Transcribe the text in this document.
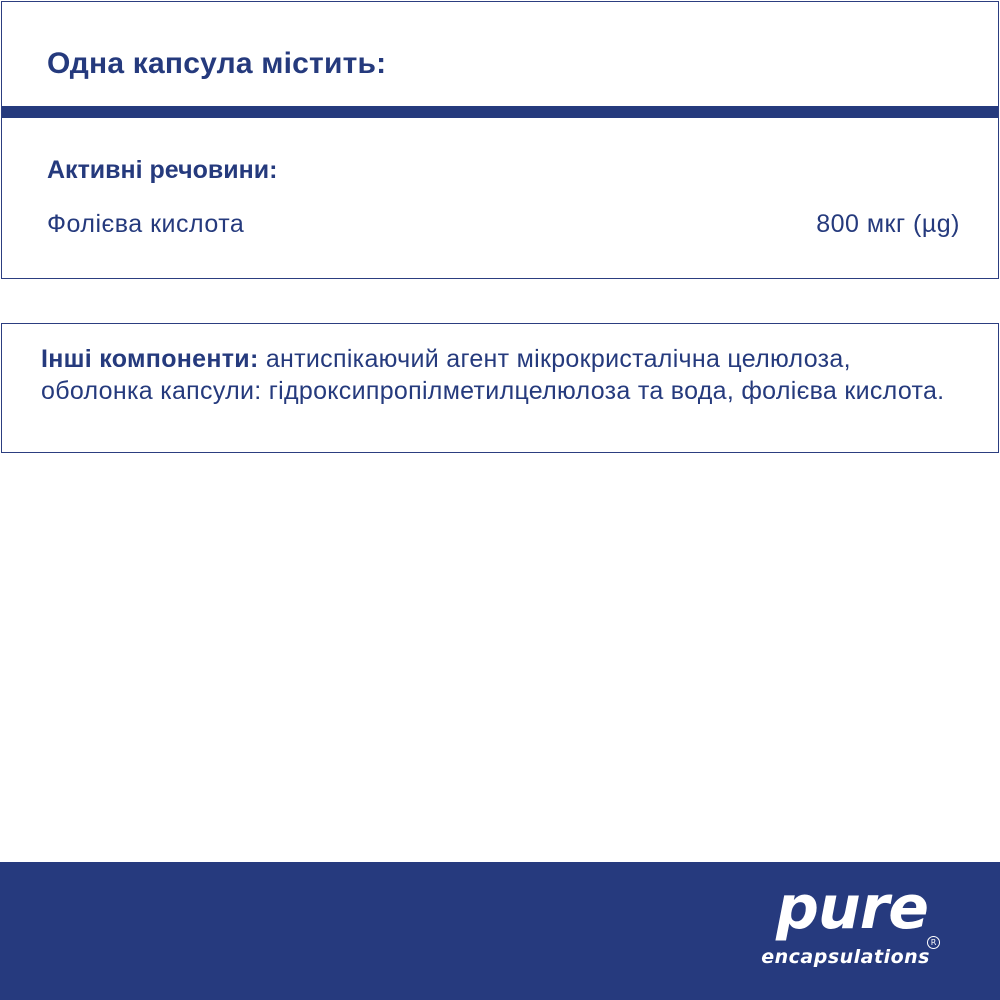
Одна капсула містить:
Активні речовини:
Фолієва кислота	800 мкг (µg)

Інші компоненти: антиспікаючий агент мікрокристалічна целюлоза, оболонка капсули: гідроксипропілметилцелюлоза та вода, фолієва кислота.

pure R
encapsulations
